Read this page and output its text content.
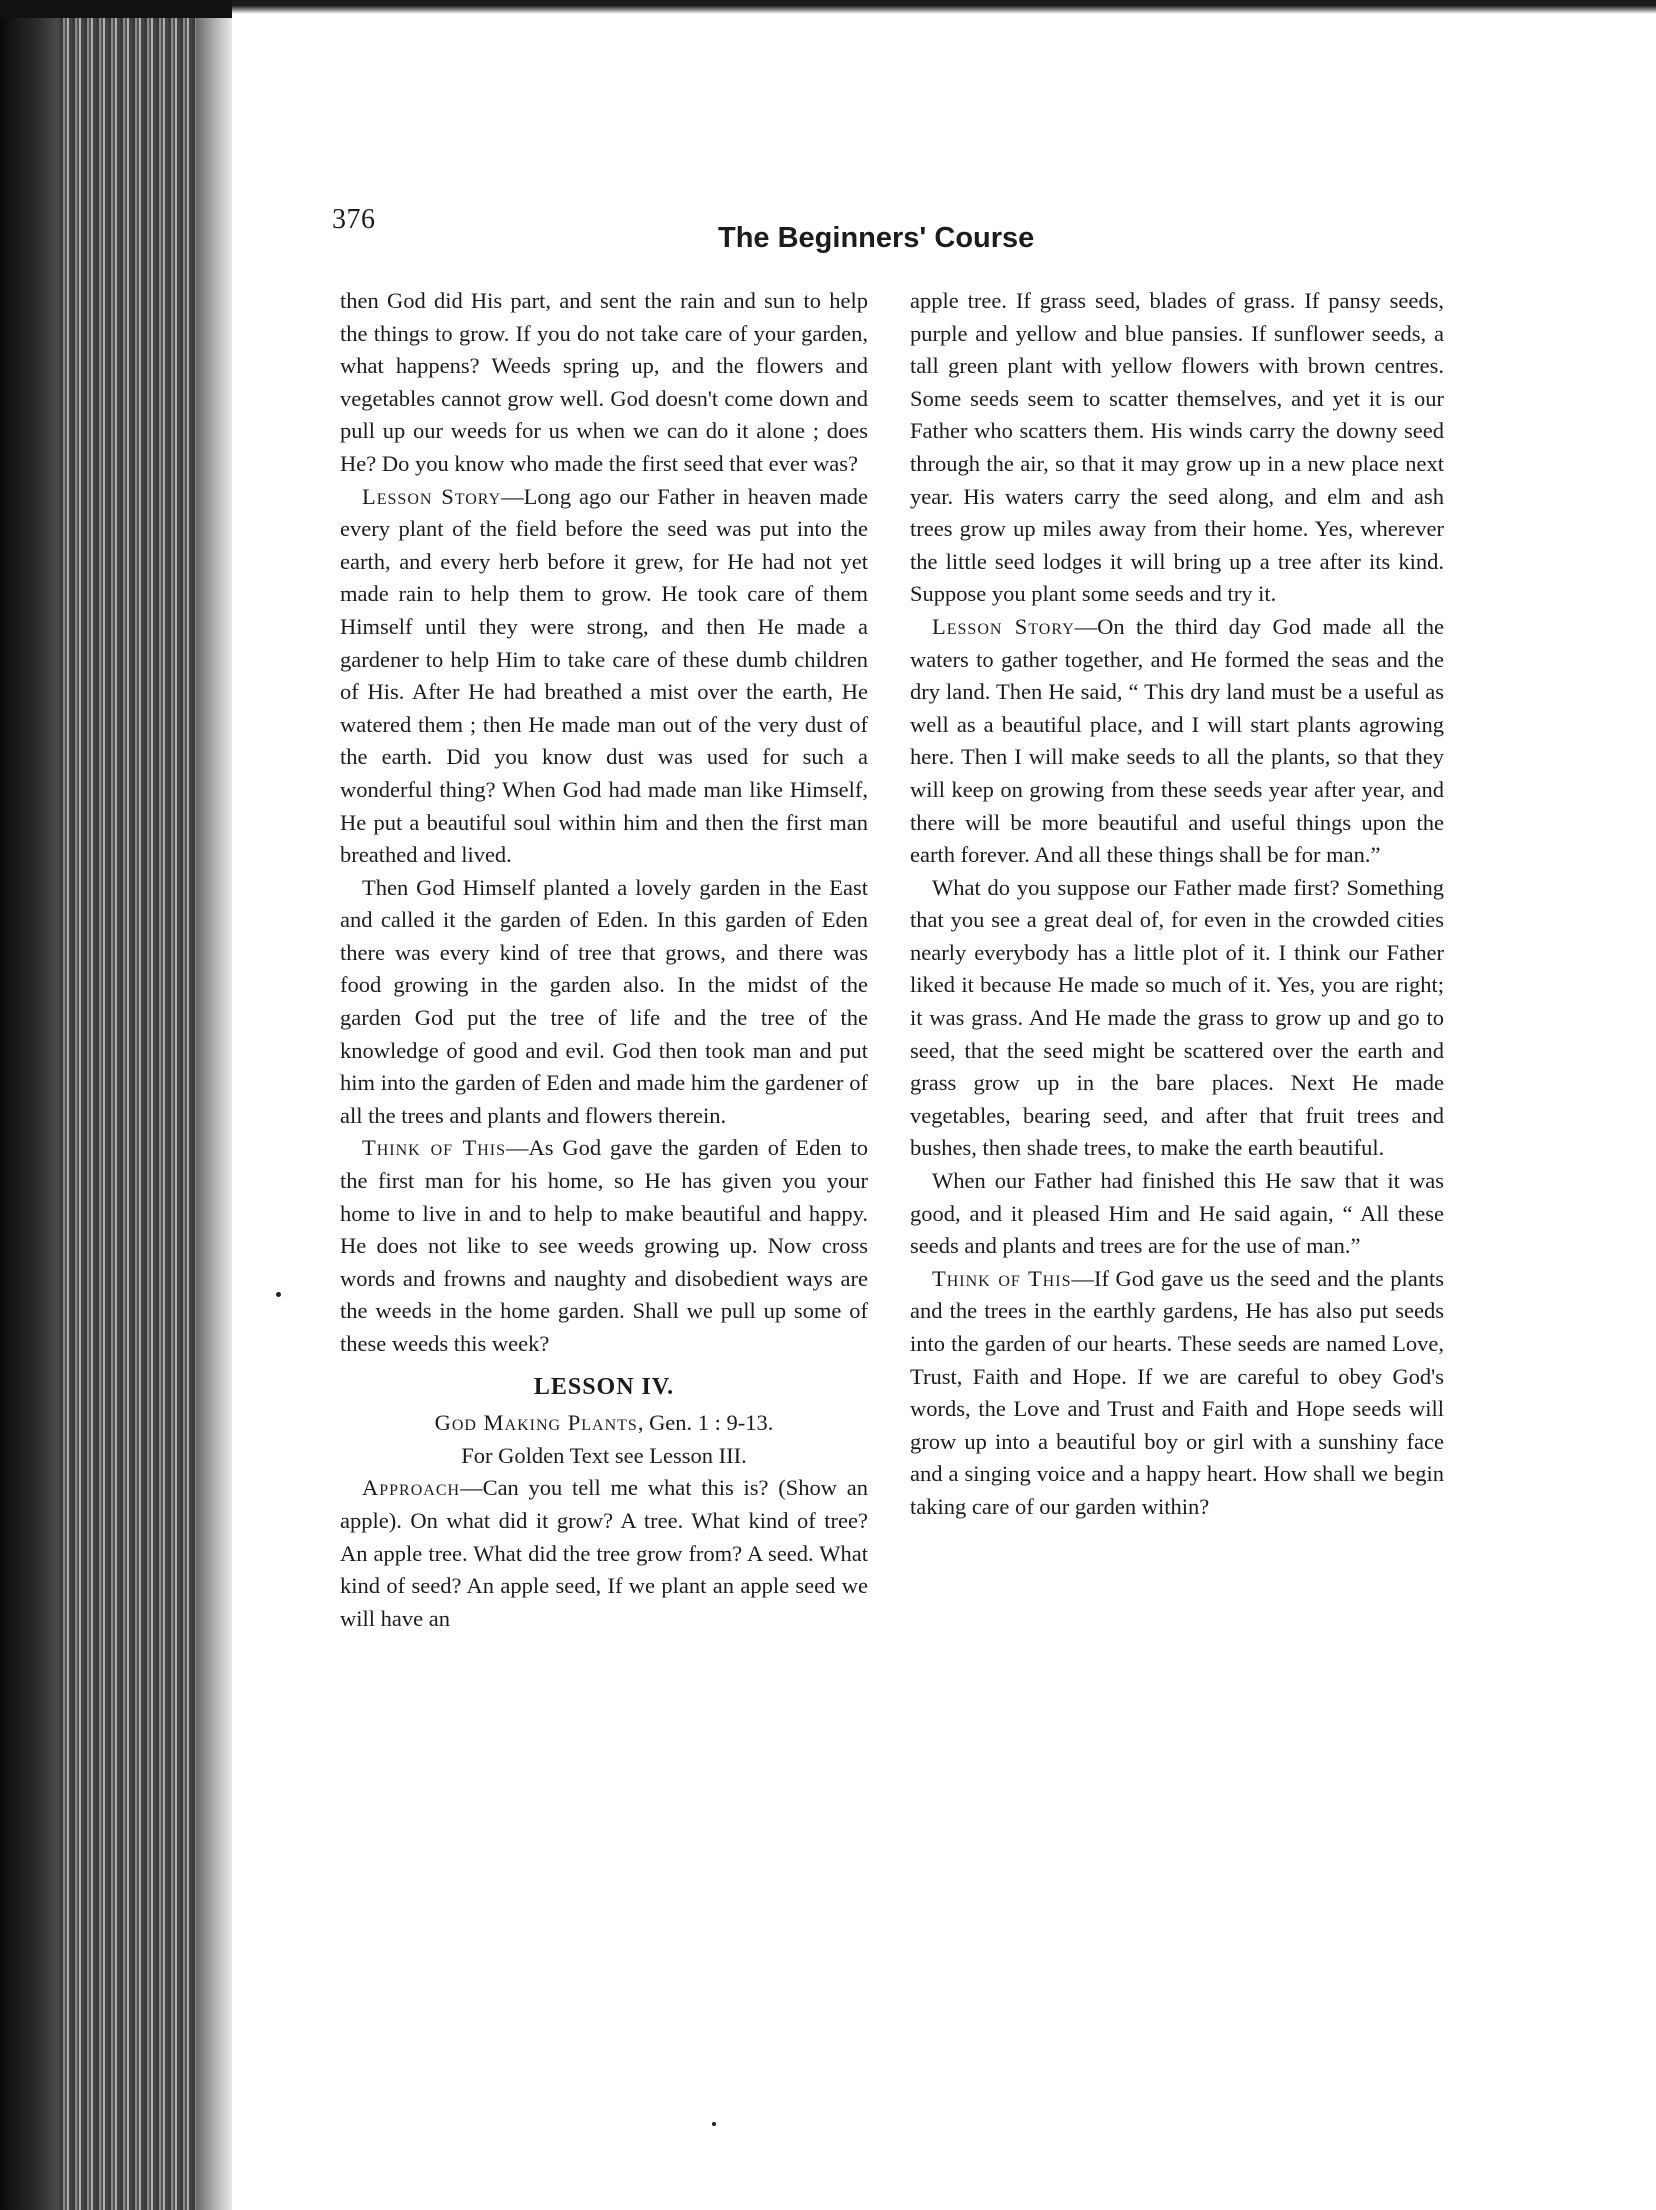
376
The Beginners' Course

then God did His part, and sent the rain and sun to help the things to grow. If you do not take care of your garden, what happens? Weeds spring up, and the flowers and vegetables cannot grow well. God doesn't come down and pull up our weeds for us when we can do it alone ; does He? Do you know who made the first seed that ever was?

Lesson Story—Long ago our Father in heaven made every plant of the field before the seed was put into the earth, and every herb before it grew, for He had not yet made rain to help them to grow. He took care of them Himself until they were strong, and then He made a gardener to help Him to take care of these dumb children of His. After He had breathed a mist over the earth, He watered them ; then He made man out of the very dust of the earth. Did you know dust was used for such a wonderful thing? When God had made man like Himself, He put a beautiful soul within him and then the first man breathed and lived.

Then God Himself planted a lovely garden in the East and called it the garden of Eden. In this garden of Eden there was every kind of tree that grows, and there was food growing in the garden also. In the midst of the garden God put the tree of life and the tree of the knowledge of good and evil. God then took man and put him into the garden of Eden and made him the gardener of all the trees and plants and flowers therein.

Think of This—As God gave the garden of Eden to the first man for his home, so He has given you your home to live in and to help to make beautiful and happy. He does not like to see weeds growing up. Now cross words and frowns and naughty and disobedient ways are the weeds in the home garden. Shall we pull up some of these weeds this week?

LESSON IV.

God Making Plants, Gen. 1 : 9-13.

For Golden Text see Lesson III.

Approach—Can you tell me what this is? (Show an apple). On what did it grow? A tree. What kind of tree? An apple tree. What did the tree grow from? A seed. What kind of seed? An apple seed, If we plant an apple seed we will have an

apple tree. If grass seed, blades of grass. If pansy seeds, purple and yellow and blue pansies. If sunflower seeds, a tall green plant with yellow flowers with brown centres. Some seeds seem to scatter themselves, and yet it is our Father who scatters them. His winds carry the downy seed through the air, so that it may grow up in a new place next year. His waters carry the seed along, and elm and ash trees grow up miles away from their home. Yes, wherever the little seed lodges it will bring up a tree after its kind. Suppose you plant some seeds and try it.

Lesson Story—On the third day God made all the waters to gather together, and He formed the seas and the dry land. Then He said, “ This dry land must be a useful as well as a beautiful place, and I will start plants agrowing here. Then I will make seeds to all the plants, so that they will keep on growing from these seeds year after year, and there will be more beautiful and useful things upon the earth forever. And all these things shall be for man.”

What do you suppose our Father made first? Something that you see a great deal of, for even in the crowded cities nearly everybody has a little plot of it. I think our Father liked it because He made so much of it. Yes, you are right; it was grass. And He made the grass to grow up and go to seed, that the seed might be scattered over the earth and grass grow up in the bare places. Next He made vegetables, bearing seed, and after that fruit trees and bushes, then shade trees, to make the earth beautiful.

When our Father had finished this He saw that it was good, and it pleased Him and He said again, “ All these seeds and plants and trees are for the use of man.”

Think of This—If God gave us the seed and the plants and the trees in the earthly gardens, He has also put seeds into the garden of our hearts. These seeds are named Love, Trust, Faith and Hope. If we are careful to obey God's words, the Love and Trust and Faith and Hope seeds will grow up into a beautiful boy or girl with a sunshiny face and a singing voice and a happy heart. How shall we begin taking care of our garden within?
